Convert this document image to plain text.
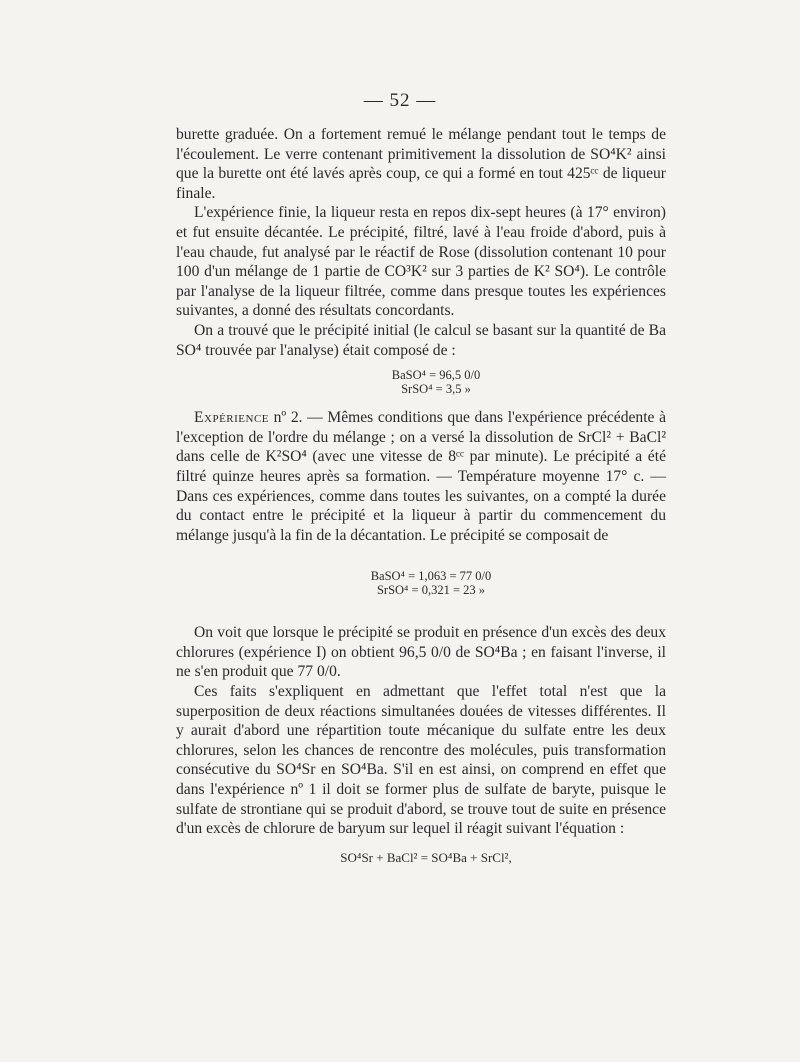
— 52 —

burette graduée. On a fortement remué le mélange pendant tout le temps de l'écoulement. Le verre contenant primitivement la dissolution de SO⁴K² ainsi que la burette ont été lavés après coup, ce qui a formé en tout 425ᶜᶜ de liqueur finale.

L'expérience finie, la liqueur resta en repos dix-sept heures (à 17° environ) et fut ensuite décantée. Le précipité, filtré, lavé à l'eau froide d'abord, puis à l'eau chaude, fut analysé par le réactif de Rose (dissolution contenant 10 pour 100 d'un mélange de 1 partie de CO³K² sur 3 parties de K² SO⁴). Le contrôle par l'analyse de la liqueur filtrée, comme dans presque toutes les expériences suivantes, a donné des résultats concordants.

On a trouvé que le précipité initial (le calcul se basant sur la quantité de Ba SO⁴ trouvée par l'analyse) était composé de :

BaSO⁴ = 96,5 0/0
SrSO⁴ = 3,5 »

Expérience nº 2. — Mêmes conditions que dans l'expérience précédente à l'exception de l'ordre du mélange ; on a versé la dissolution de SrCl² + BaCl² dans celle de K²SO⁴ (avec une vitesse de 8ᶜᶜ par minute). Le précipité a été filtré quinze heures après sa formation. — Température moyenne 17° c. — Dans ces expériences, comme dans toutes les suivantes, on a compté la durée du contact entre le précipité et la liqueur à partir du commencement du mélange jusqu'à la fin de la décantation. Le précipité se composait de

BaSO⁴ = 1,063 = 77 0/0
SrSO⁴ = 0,321 = 23 »

On voit que lorsque le précipité se produit en présence d'un excès des deux chlorures (expérience I) on obtient 96,5 0/0 de SO⁴Ba ; en faisant l'inverse, il ne s'en produit que 77 0/0.

Ces faits s'expliquent en admettant que l'effet total n'est que la superposition de deux réactions simultanées douées de vitesses différentes. Il y aurait d'abord une répartition toute mécanique du sulfate entre les deux chlorures, selon les chances de rencontre des molécules, puis transformation consécutive du SO⁴Sr en SO⁴Ba. S'il en est ainsi, on comprend en effet que dans l'expérience nº 1 il doit se former plus de sulfate de baryte, puisque le sulfate de strontiane qui se produit d'abord, se trouve tout de suite en présence d'un excès de chlorure de baryum sur lequel il réagit suivant l'équation :

SO⁴Sr + BaCl² = SO⁴Ba + SrCl²,
